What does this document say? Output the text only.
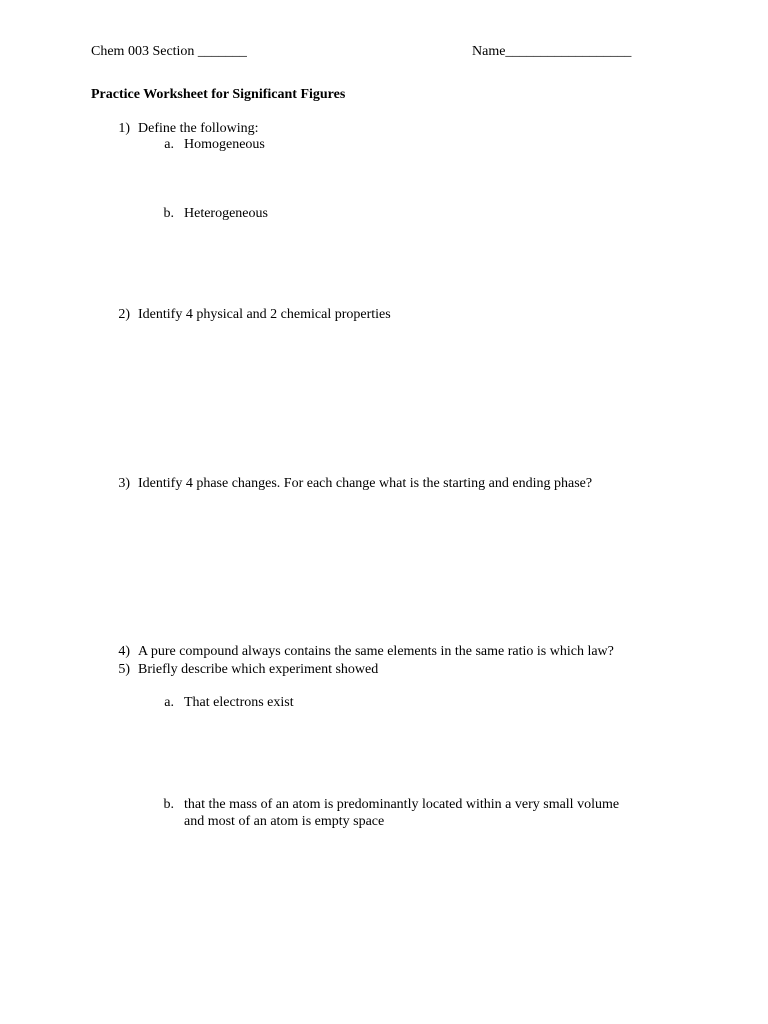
Chem 003 Section _______	Name__________________
Practice Worksheet for Significant Figures
1) Define the following:
a. Homogeneous
b. Heterogeneous
2) Identify 4 physical and 2 chemical properties
3) Identify 4 phase changes. For each change what is the starting and ending phase?
4) A pure compound always contains the same elements in the same ratio is which law?
5) Briefly describe which experiment showed
a. That electrons exist
b. that the mass of an atom is predominantly located within a very small volume
and most of an atom is empty space
